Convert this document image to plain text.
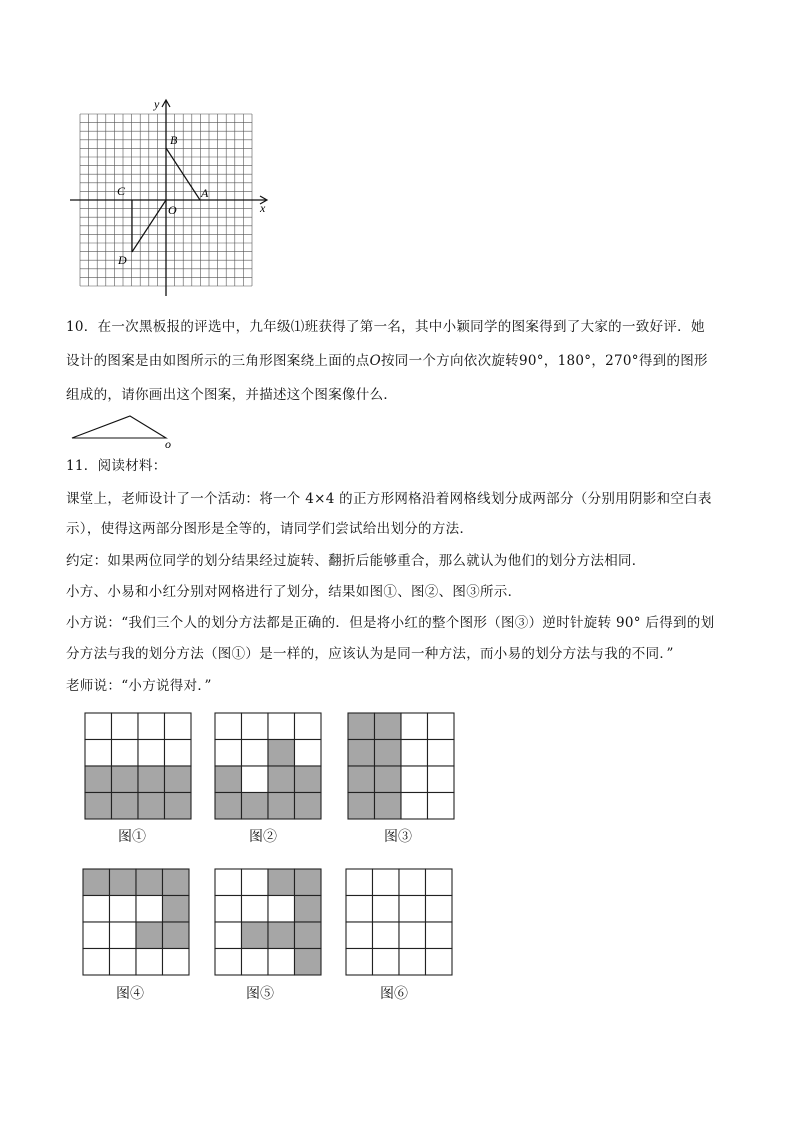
y
x
B
A
C
O
D
10．在一次黑板报的评选中，九年级⑴班获得了第一名，其中小颖同学的图案得到了大家的一致好评．她
设计的图案是由如图所示的三角形图案绕上面的点O按同一个方向依次旋转90°，180°，270°得到的图形
组成的，请你画出这个图案，并描述这个图案像什么．
o
11．阅读材料：
课堂上，老师设计了一个活动：将一个 4×4 的正方形网格沿着网格线划分成两部分（分别用阴影和空白表
示），使得这两部分图形是全等的，请同学们尝试给出划分的方法．
约定：如果两位同学的划分结果经过旋转、翻折后能够重合，那么就认为他们的划分方法相同．
小方、小易和小红分别对网格进行了划分，结果如图①、图②、图③所示．
小方说：“我们三个人的划分方法都是正确的．但是将小红的整个图形（图③）逆时针旋转 90° 后得到的划
分方法与我的划分方法（图①）是一样的，应该认为是同一种方法，而小易的划分方法与我的不同．”
老师说：“小方说得对．”
图①	图②	图③
图④	图⑤	图⑥
